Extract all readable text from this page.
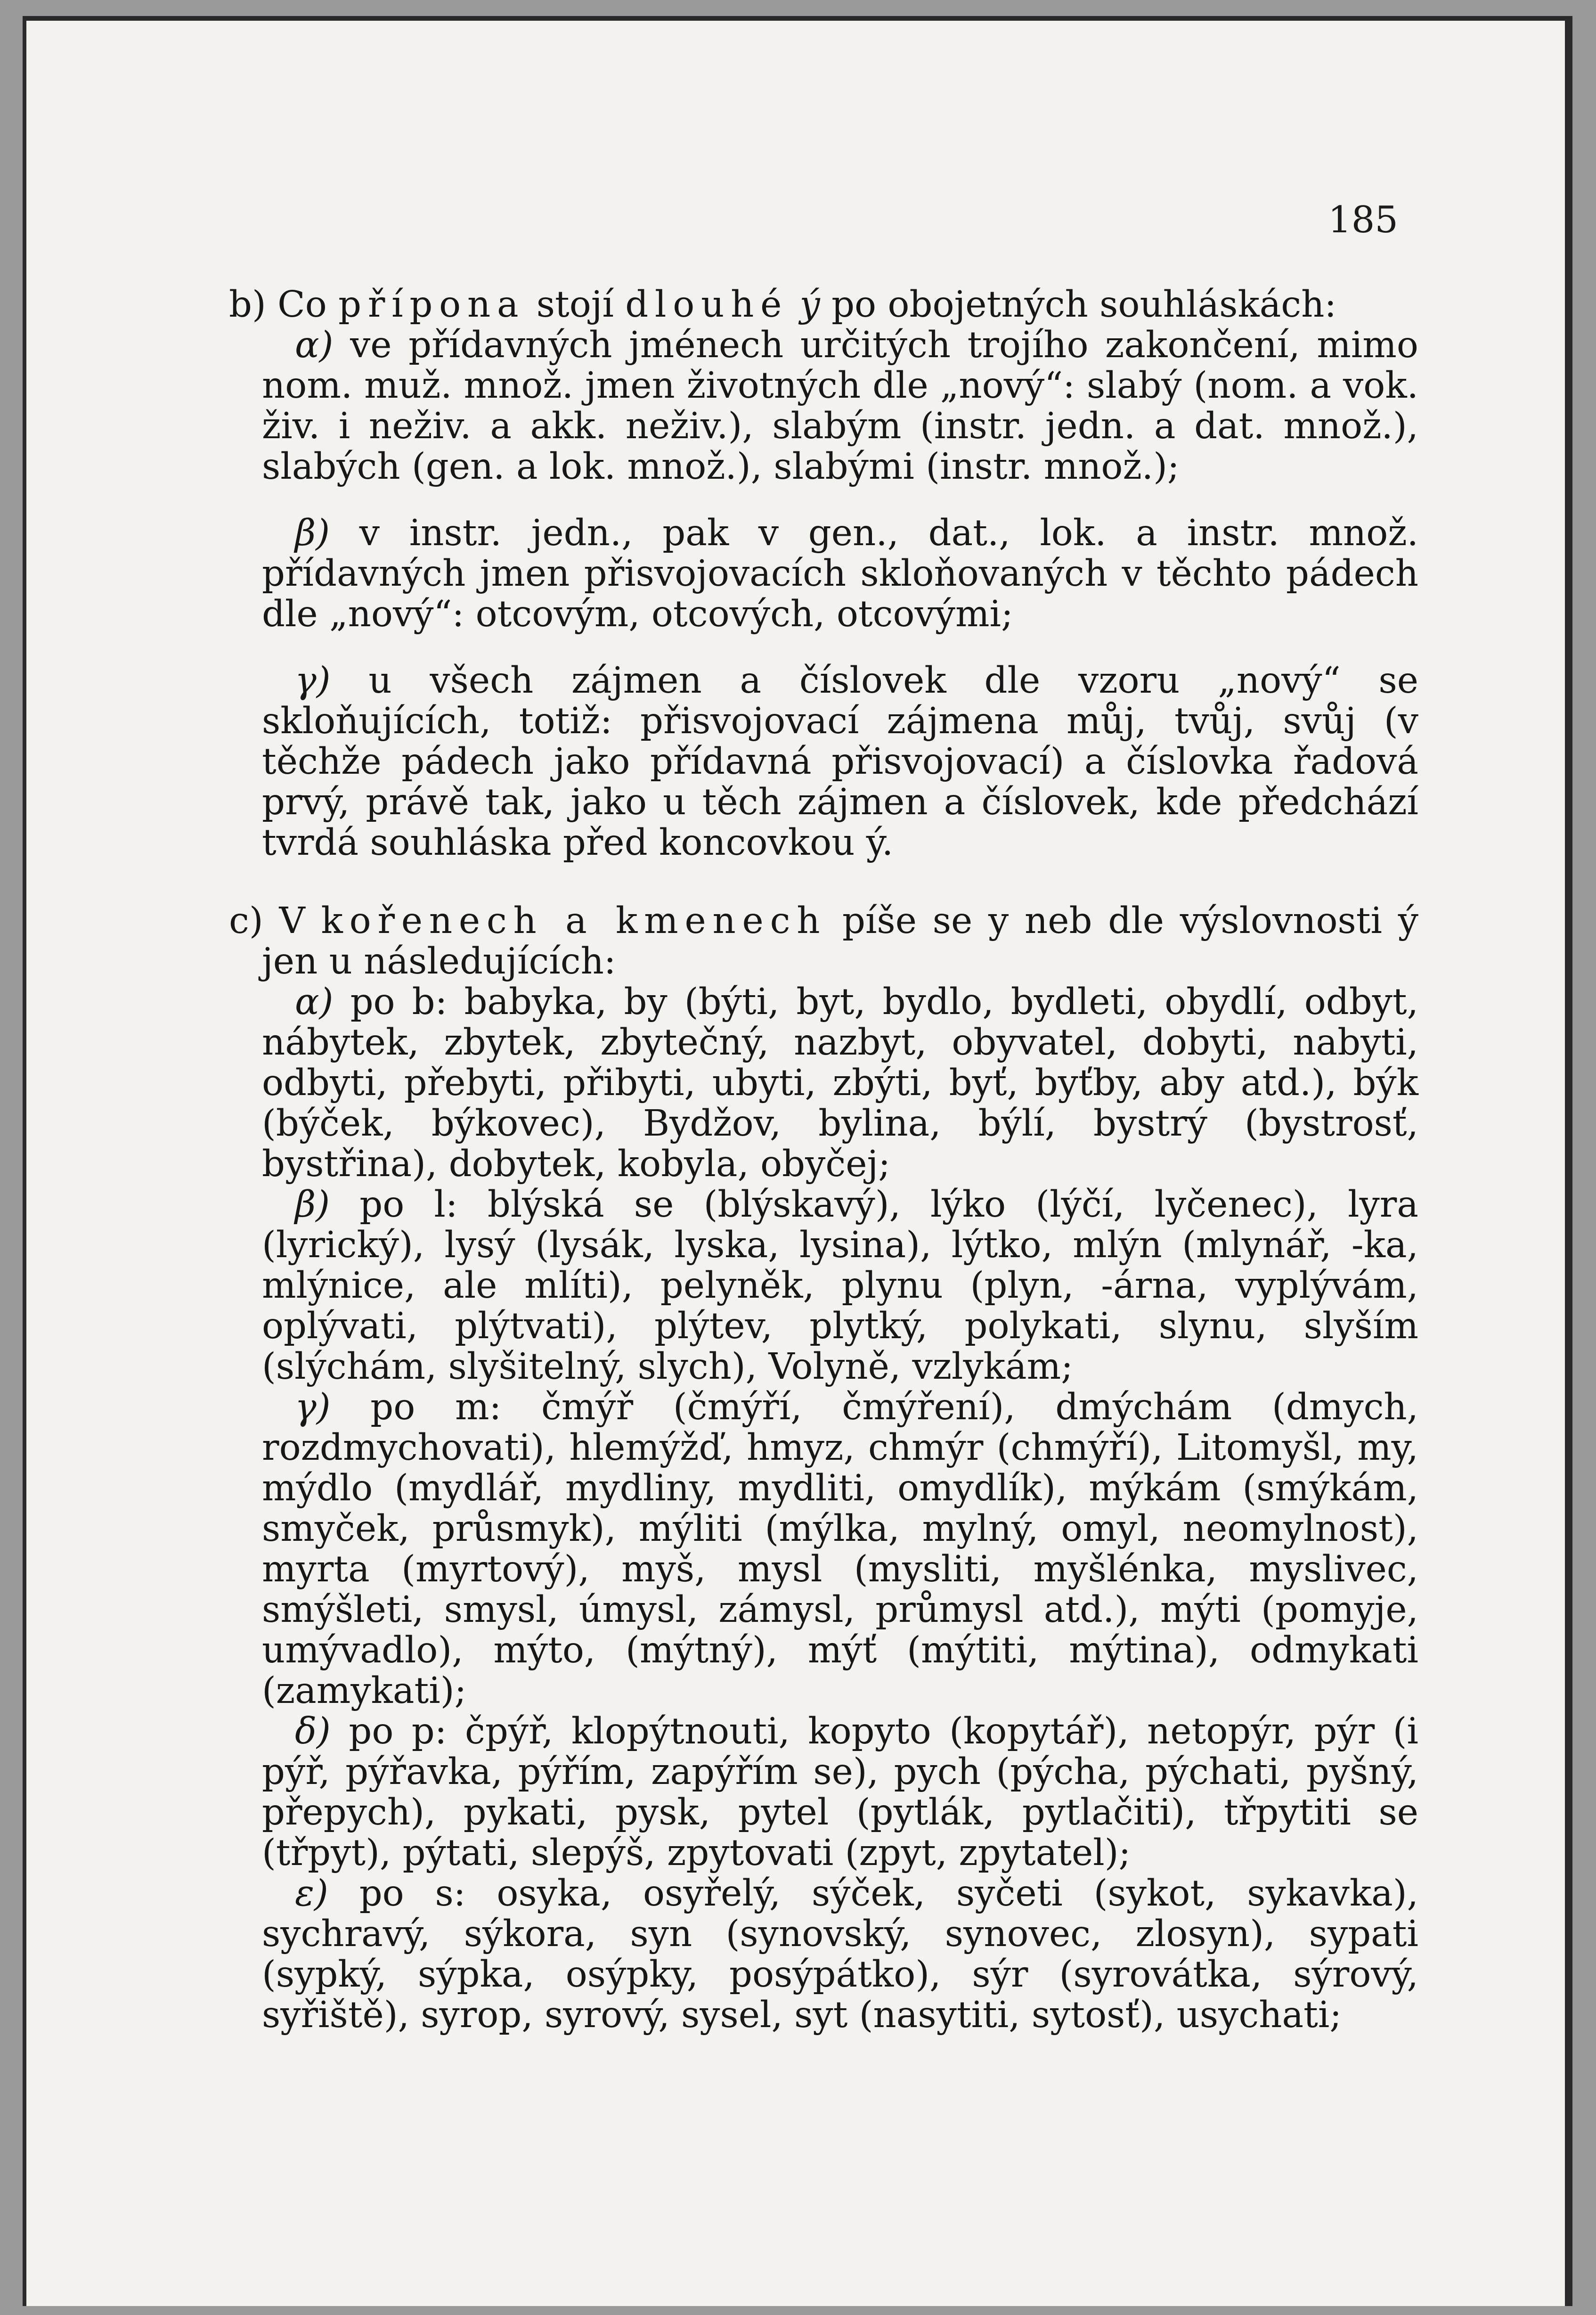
185

b) Co přípona stojí dlouhé ý po obojetných souhláskách:

α) ve přídavných jménech určitých trojího zakončení, mimo nom. muž. množ. jmen životných dle „nový“: slabý (nom. a vok. živ. i neživ. a akk. neživ.), slabým (instr. jedn. a dat. množ.), slabých (gen. a lok. množ.), slabými (instr. množ.);

β) v instr. jedn., pak v gen., dat., lok. a instr. množ. přídavných jmen přisvojovacích skloňovaných v těchto pádech dle „nový“: otcovým, otcových, otcovými;

γ) u všech zájmen a číslovek dle vzoru „nový“ se skloňujících, totiž: přisvojovací zájmena můj, tvůj, svůj (v těchže pádech jako přídavná přisvojovací) a číslovka řadová prvý, právě tak, jako u těch zájmen a číslovek, kde předchází tvrdá souhláska před koncovkou ý.

c) V kořenech a kmenech píše se y neb dle výslovnosti ý jen u následujících:

α) po b: babyka, by (býti, byt, bydlo, bydleti, obydlí, odbyt, nábytek, zbytek, zbytečný, nazbyt, obyvatel, dobyti, nabyti, odbyti, přebyti, přibyti, ubyti, zbýti, byť, byťby, aby atd.), býk (býček, býkovec), Bydžov, bylina, býlí, bystrý (bystrosť, bystřina), dobytek, kobyla, obyčej;

β) po l: blýská se (blýskavý), lýko (lýčí, lyčenec), lyra (lyrický), lysý (lysák, lyska, lysina), lýtko, mlýn (mlynář, -ka, mlýnice, ale mlíti), pelyněk, plynu (plyn, -árna, vyplývám, oplývati, plýtvati), plýtev, plytký, polykati, slynu, slyším (slýchám, slyšitelný, slych), Volyně, vzlykám;

γ) po m: čmýř (čmýří, čmýření), dmýchám (dmych, rozdmychovati), hlemýžď, hmyz, chmýr (chmýří), Litomyšl, my, mýdlo (mydlář, mydliny, mydliti, omydlík), mýkám (smýkám, smyček, průsmyk), mýliti (mýlka, mylný, omyl, neomylnost), myrta (myrtový), myš, mysl (mysliti, myšlénka, myslivec, smýšleti, smysl, úmysl, zámysl, průmysl atd.), mýti (pomyje, umývadlo), mýto, (mýtný), mýť (mýtiti, mýtina), odmykati (zamykati);

δ) po p: čpýř, klopýtnouti, kopyto (kopytář), netopýr, pýr (i pýř, pýřavka, pýřím, zapýřím se), pych (pýcha, pýchati, pyšný, přepych), pykati, pysk, pytel (pytlák, pytlačiti), třpytiti se (třpyt), pýtati, slepýš, zpytovati (zpyt, zpytatel);

ε) po s: osyka, osyřelý, sýček, syčeti (sykot, sykavka), sychravý, sýkora, syn (synovský, synovec, zlosyn), sypati (sypký, sýpka, osýpky, posýpátko), sýr (syrovátka, sýrový, syřiště), syrop, syrový, sysel, syt (nasytiti, sytosť), usychati;
